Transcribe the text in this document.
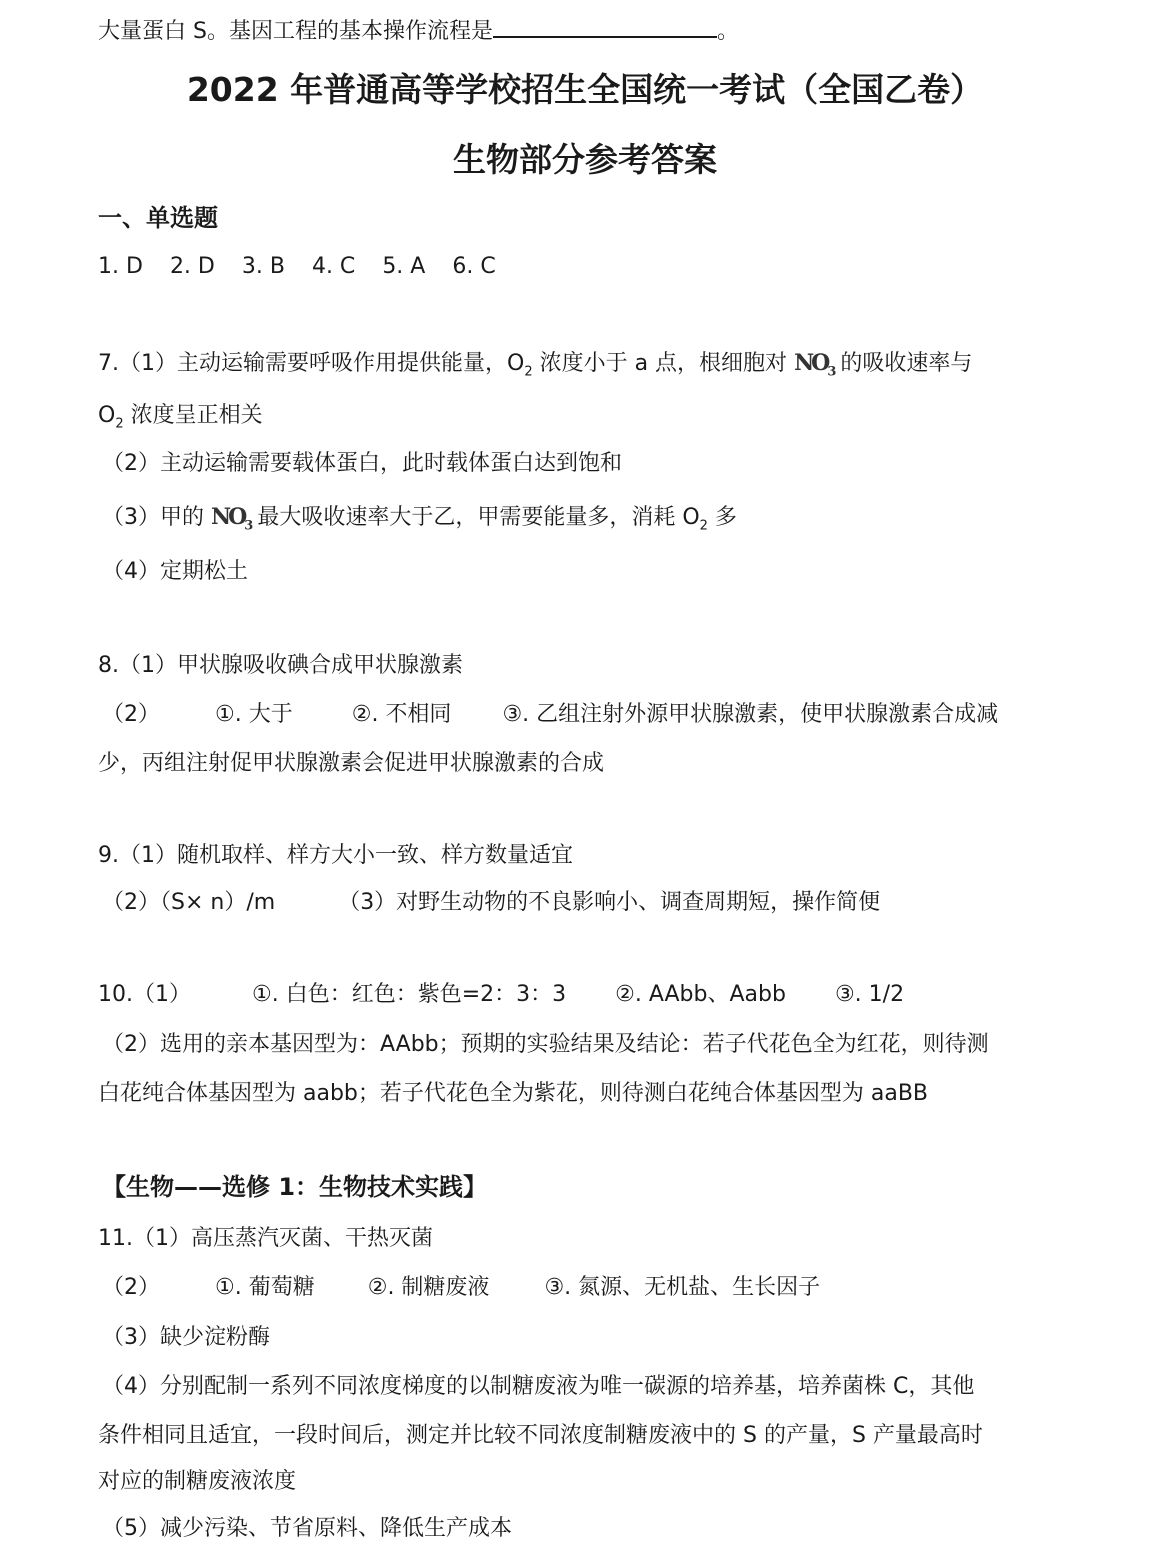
大量蛋白 S。基因工程的基本操作流程是	。
2022 年普通高等学校招生全国统一考试（全国乙卷）
生物部分参考答案
一、单选题
1. D 2. D 3. B 4. C 5. A 6. C
7.（1）主动运输需要呼吸作用提供能量，$O_2$ 浓度小于 a 点，根细胞对 $NO_3$ 的吸收速率与
$O_2$ 浓度呈正相关
（2）主动运输需要载体蛋白，此时载体蛋白达到饱和
（3）甲的 $NO_3$ 最大吸收速率大于乙，甲需要能量多，消耗 $O_2$ 多
（4）定期松土
8.（1）甲状腺吸收碘合成甲状腺激素
（2）	①. 大于	②. 不相同 ③. 乙组注射外源甲状腺激素，使甲状腺激素合成减
少，丙组注射促甲状腺激素会促进甲状腺激素的合成
9.（1）随机取样、样方大小一致、样方数量适宜
（2）（S× n）/m	（3）对野生动物的不良影响小、调查周期短，操作简便
10.（1）	①. 白色：红色：紫色=2：3：3 ②. AAbb、Aabb ③. 1/2
（2）选用的亲本基因型为：AAbb；预期的实验结果及结论：若子代花色全为红花，则待测
白花纯合体基因型为 aabb；若子代花色全为紫花，则待测白花纯合体基因型为 aaBB
【生物——选修 1：生物技术实践】
11.（1）高压蒸汽灭菌、干热灭菌
（2）	①. 葡萄糖 ②. 制糖废液	③. 氮源、无机盐、生长因子
（3）缺少淀粉酶
（4）分别配制一系列不同浓度梯度的以制糖废液为唯一碳源的培养基，培养菌株 C，其他
条件相同且适宜，一段时间后，测定并比较不同浓度制糖废液中的 S 的产量，S 产量最高时
对应的制糖废液浓度
（5）减少污染、节省原料、降低生产成本
